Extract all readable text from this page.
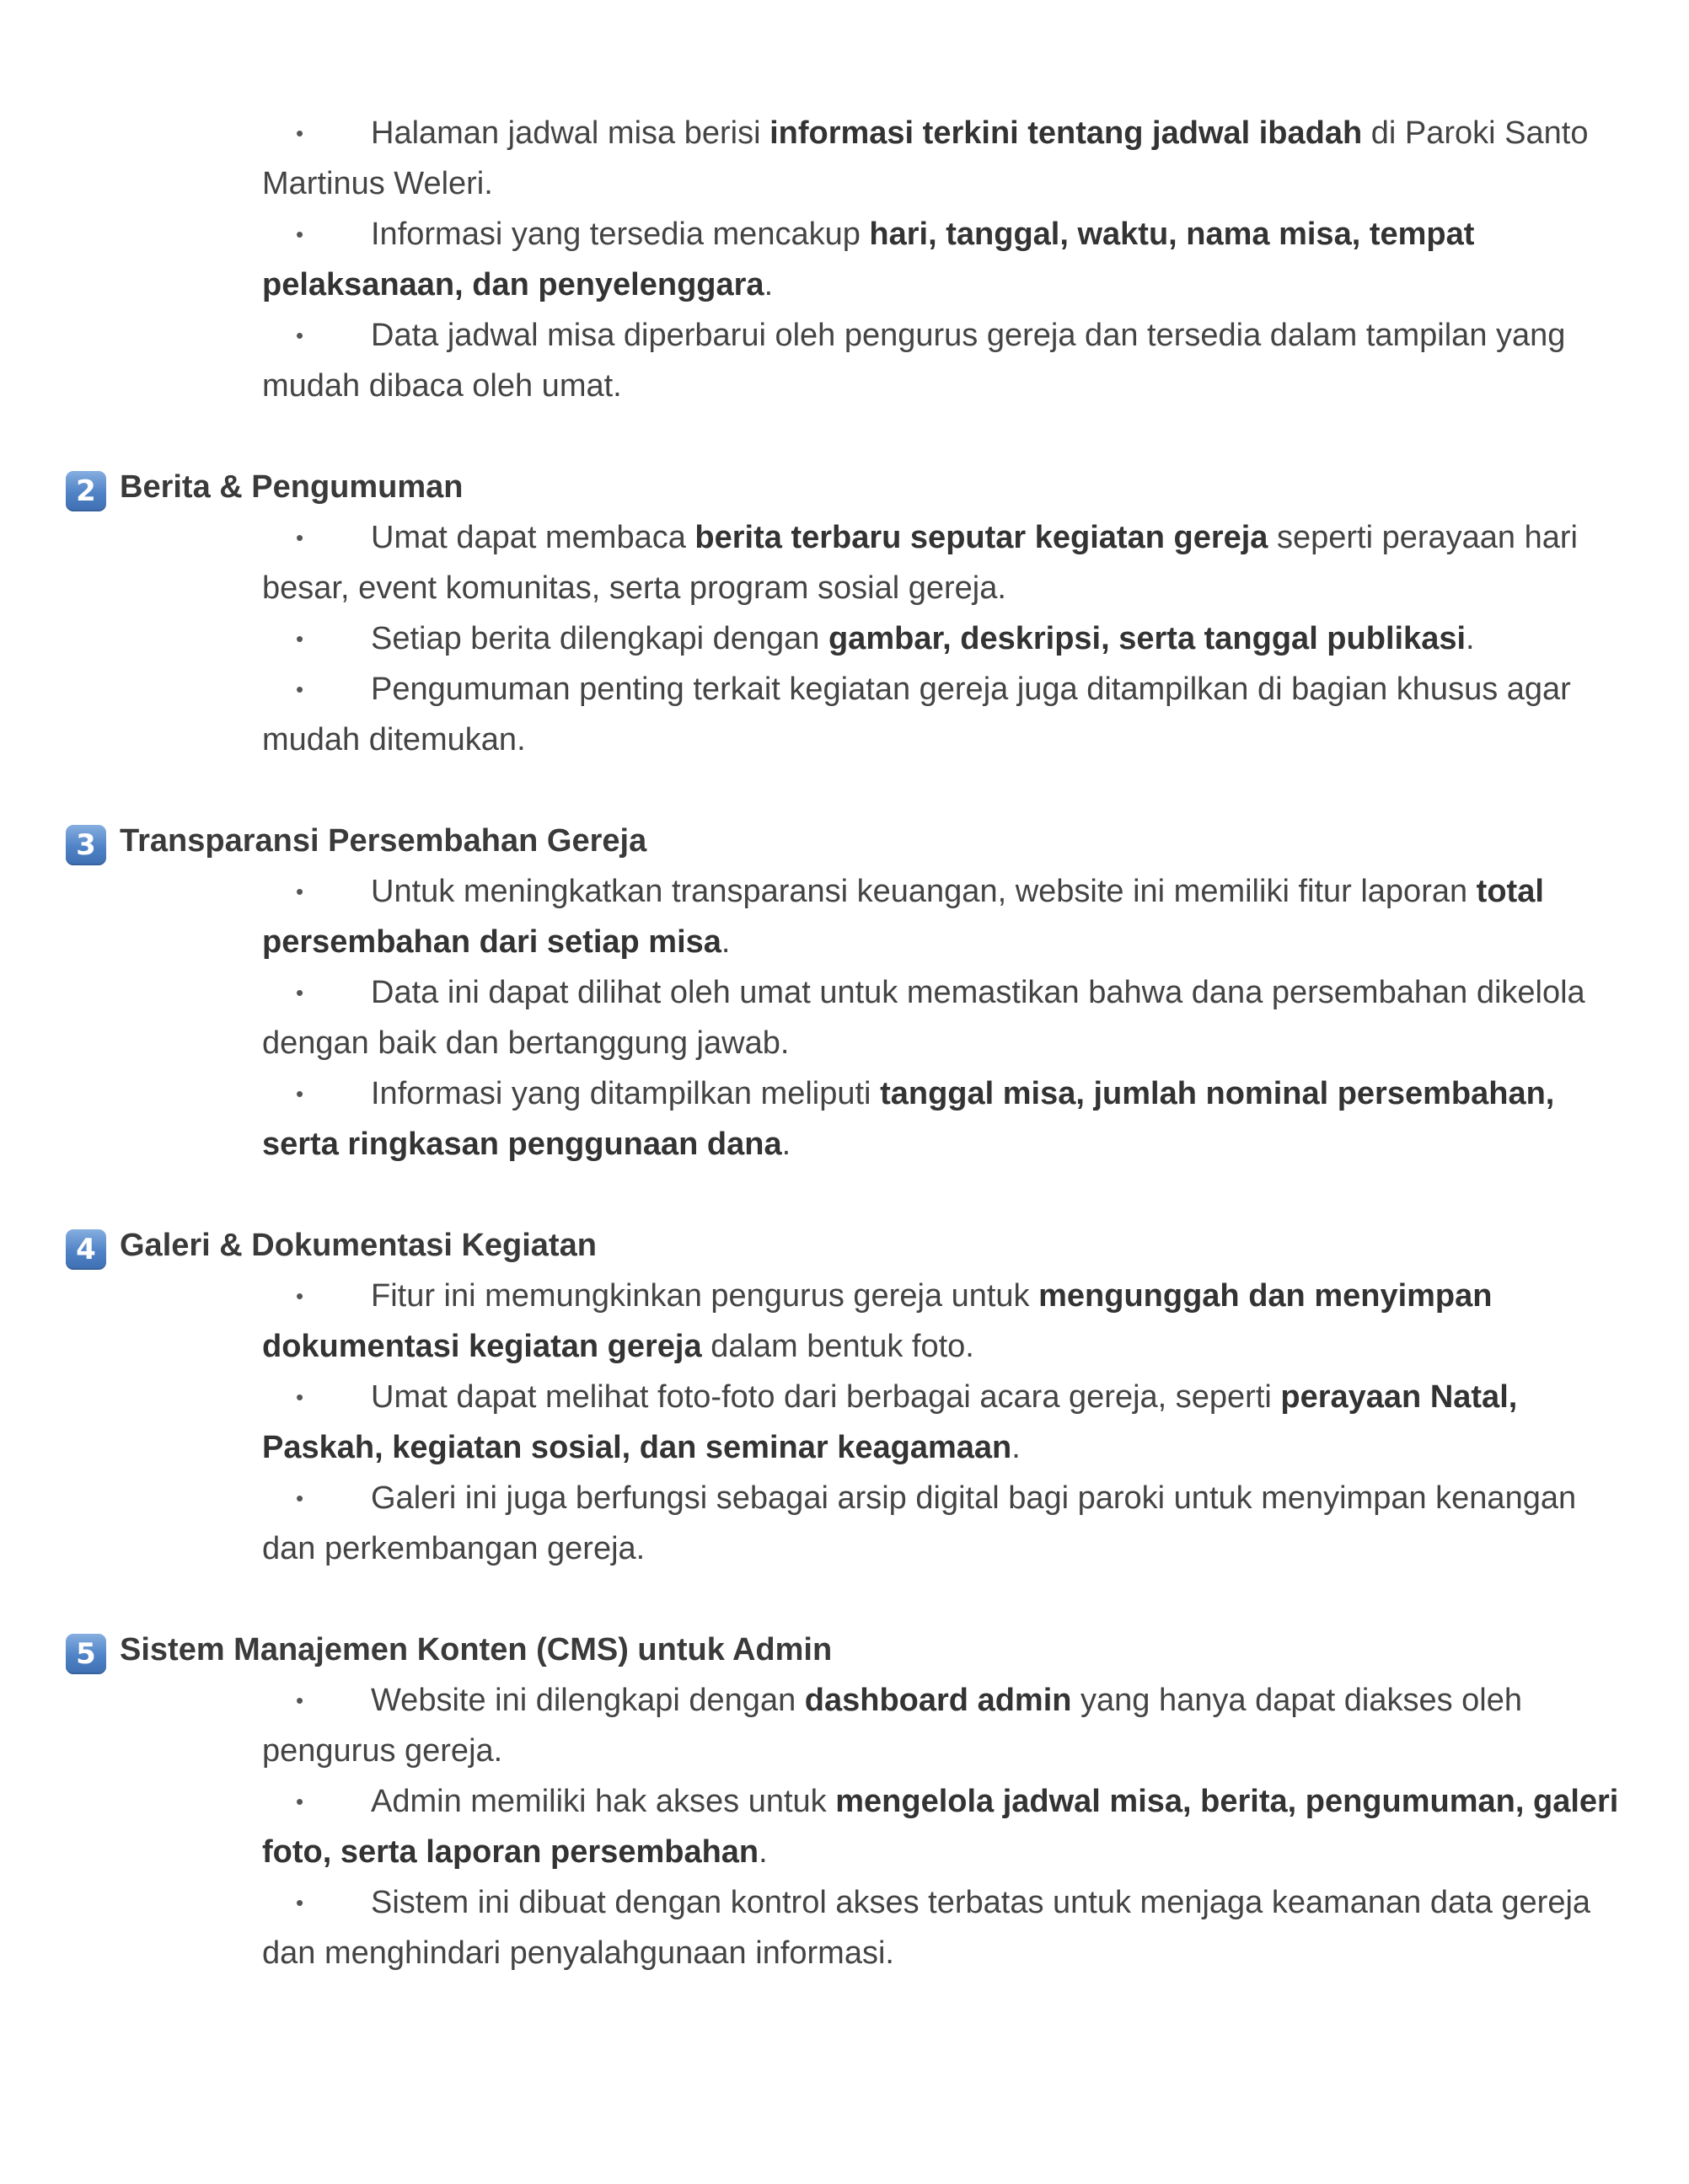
• Halaman jadwal misa berisi informasi terkini tentang jadwal ibadah di Paroki Santo Martinus Weleri.
• Informasi yang tersedia mencakup hari, tanggal, waktu, nama misa, tempat pelaksanaan, dan penyelenggara.
• Data jadwal misa diperbarui oleh pengurus gereja dan tersedia dalam tampilan yang mudah dibaca oleh umat.
2 Berita & Pengumuman
• Umat dapat membaca berita terbaru seputar kegiatan gereja seperti perayaan hari besar, event komunitas, serta program sosial gereja.
• Setiap berita dilengkapi dengan gambar, deskripsi, serta tanggal publikasi.
• Pengumuman penting terkait kegiatan gereja juga ditampilkan di bagian khusus agar mudah ditemukan.
3 Transparansi Persembahan Gereja
• Untuk meningkatkan transparansi keuangan, website ini memiliki fitur laporan total persembahan dari setiap misa.
• Data ini dapat dilihat oleh umat untuk memastikan bahwa dana persembahan dikelola dengan baik dan bertanggung jawab.
• Informasi yang ditampilkan meliputi tanggal misa, jumlah nominal persembahan, serta ringkasan penggunaan dana.
4 Galeri & Dokumentasi Kegiatan
• Fitur ini memungkinkan pengurus gereja untuk mengunggah dan menyimpan dokumentasi kegiatan gereja dalam bentuk foto.
• Umat dapat melihat foto-foto dari berbagai acara gereja, seperti perayaan Natal, Paskah, kegiatan sosial, dan seminar keagamaan.
• Galeri ini juga berfungsi sebagai arsip digital bagi paroki untuk menyimpan kenangan dan perkembangan gereja.
5 Sistem Manajemen Konten (CMS) untuk Admin
• Website ini dilengkapi dengan dashboard admin yang hanya dapat diakses oleh pengurus gereja.
• Admin memiliki hak akses untuk mengelola jadwal misa, berita, pengumuman, galeri foto, serta laporan persembahan.
• Sistem ini dibuat dengan kontrol akses terbatas untuk menjaga keamanan data gereja dan menghindari penyalahgunaan informasi.
